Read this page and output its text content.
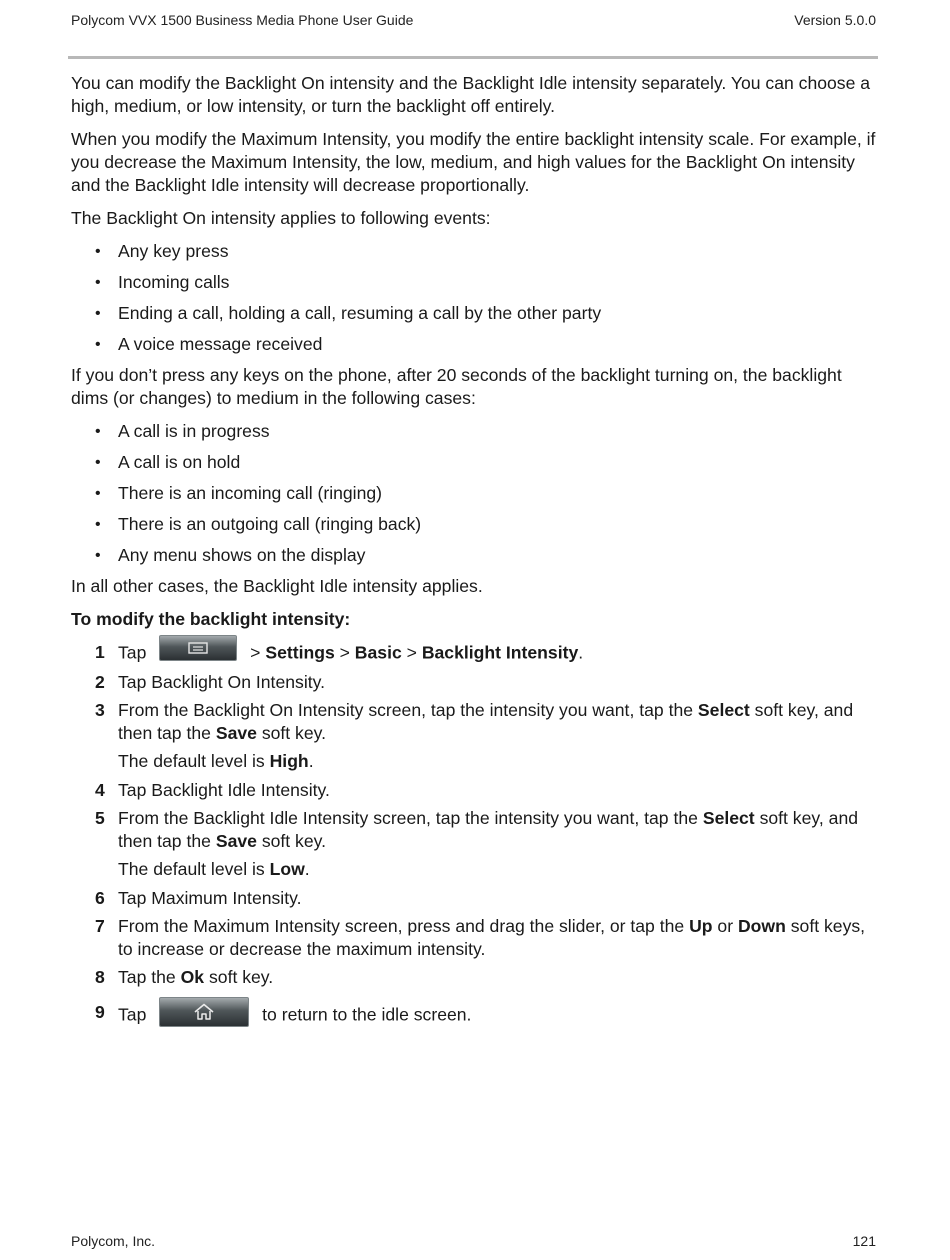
Polycom VVX 1500 Business Media Phone User Guide	Version 5.0.0

You can modify the Backlight On intensity and the Backlight Idle intensity separately. You can choose a high, medium, or low intensity, or turn the backlight off entirely.

When you modify the Maximum Intensity, you modify the entire backlight intensity scale. For example, if you decrease the Maximum Intensity, the low, medium, and high values for the Backlight On intensity and the Backlight Idle intensity will decrease proportionally.

The Backlight On intensity applies to following events:

• Any key press
• Incoming calls
• Ending a call, holding a call, resuming a call by the other party
• A voice message received

If you don’t press any keys on the phone, after 20 seconds of the backlight turning on, the backlight dims (or changes) to medium in the following cases:

• A call is in progress
• A call is on hold
• There is an incoming call (ringing)
• There is an outgoing call (ringing back)
• Any menu shows on the display

In all other cases, the Backlight Idle intensity applies.

To modify the backlight intensity:

1 Tap	> Settings > Basic > Backlight Intensity.
2 Tap Backlight On Intensity.
3 From the Backlight On Intensity screen, tap the intensity you want, tap the Select soft key, and then tap the Save soft key.
The default level is High.
4 Tap Backlight Idle Intensity.
5 From the Backlight Idle Intensity screen, tap the intensity you want, tap the Select soft key, and then tap the Save soft key.
The default level is Low.
6 Tap Maximum Intensity.
7 From the Maximum Intensity screen, press and drag the slider, or tap the Up or Down soft keys, to increase or decrease the maximum intensity.
8 Tap the Ok soft key.
9 Tap	to return to the idle screen.
Polycom, Inc.	121
